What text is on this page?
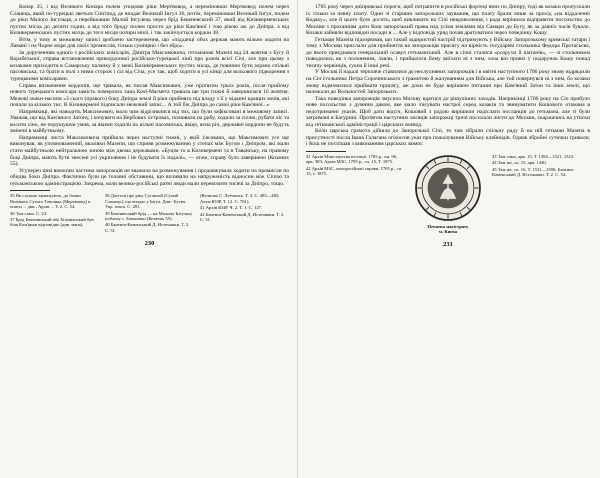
Конар 35, і від Великого Конара полем уподовж ріки Мертвовод, а переміновши Мертвовод полем через Сланець, який по-турецькі зветься Сінгіпод, де впадає Великий Інгул 36, потім, переміновши Великий Інгул, полем до ріки Малого Інгульця, а перейшовши Малий Інгулець через брід Бекеневський 37, який від Кизикерменських пустих місць до десяти годин, а від того броду полем просто до ріки Кам'яної і тою рікою аж до Дніпра, а від Кизикерменських пустих місць до того місця чотири милі, і так закінчується кордон 38.

Втім, у тому ж межовому записі зроблено застереження, що «підданці обох держав мають вільно ходити на Ламані і на Чорне море для своїх промислів, тільки суміирно і без збро».

За дорученням одного з російських комісарів, Дмитра Максимовича, гетьманові Мазепі від 24 жовтня з Бугу й Корабельної, справа встановлення прикордонної російсько-турецької лінії про разом всієї Січі, але при цьому з козаками приходити в Самарську паланку й у межі Кизикерменських пустих місць, де повинно бути зорано спільні пасовиська, та брати в полі з ними сторож і сіл від Січа, усе так, щоб ходити в усі кінці для вольового підкорення з турецькими комісарами.

Справа визначення кордонів, що тривала, як писав Максимович, уже протягом трьох років, після прийому нового турецького комісара замість померлого хана Кочі-Магмета тривала ще три тижні й завершилася 16 жовтня. Межові знаки-насипи «З сього (правого) боку Дніпра землі й ріки прийнято під владу з її у віданні кращих кочів, які почали за кількох тис. В Кизикермені підписали межовий запис... А той бік Дніпра до самої ріки Кам'яної...»

Напрямкиці, які наводить Максимович, мало чим відрізнялися від тих, що були зафіксовані в межовому записі. Уважав, що від Кам'яного Затону, і кочувати на Вербових островах, полювали на рибу, ходили за сіллю, рубати ліс та косити сіно, не порушуючи умов, за якими ходили по вільні пасовиська, якщо, ясна річ, державні кордони не будуть змінені в майбутньому.

Напрямкиці листа Максимовича прийшла через наступні тижні, у якій з'ясовано, що Максимович усе ще виконував, як уповноважений, вказівки Мазепи, що сприяв розмежуванню у степах між Бугом і Дніпром, які мали стати майбутньою нейтральною зоною між двома державами. «Буцім то в Кизикермені та в Таванську, на правому боці Дніпра, мають бути знесені усі укріплення і не будувати їх надалі», — отже, справу було завершено (Козачих 55).

Усупереч цим вимогам частина запорожців не зважила на розмежування і продовжувала ходити на промисли по обидва боки Дніпра. Фактично були це головні обставини, що впливали на напруженість відносин між Січчю та гетьманською адміністрацією. Зокрема, коли велико-російські ратні люди мали перевозити тисячі за Дніпро, тощо.

35 Як слушно зауважують, до балки Великого Сухого Ташлика (Мертвовод) в описи ... див.: Архів ... Т. 2. С. 54.

36 Там само. С. 23.

37 Брід Бекенівський або Біленівський був біля Кам'янки відповідно (див. мапа).

38 Дається про ріку Сугаклей (Сухий Сланець), що впадає у Інгул. Див.: Бутич. Укр. землі. С. 281.

39 Бекенівський брід — на Малому Інгульці поблизу с. Бекенівки (Козачих 55).

40 Бантиш-Каменський Д. Источники. Т. 2. С. 51.

(Величко С. Летопись. Т. 3. С. 483—485; Акты ЮЗР. Т. 12. С. 701).

41 Архів ЮЗР. Ч. 2. Т. 1. С. 127.

42 Бантиш-Каменський Д. Источники. Т. 2. С. 51.

230

1705 року через дніпровські пороги, щоб потрапити в російські фортеці вниз по Дніпру, тоді як козаки пропускали їх тільки за певну плату. Один зі старшин запорозьких зауважив, що плату брали лише за прохід «на віддаленні Кодаку», але й цього було досить, щоб викликати на Січі невдоволення, і рада вирішила відправити посольство до Москви з проханням дати Кош запорозький права над усіма землями від Самари до Бугу, як за давніх часів бувало. Козаки зайняли відповідні посади в ... Але у відповідь уряд почав дратуватися через поведінку Кошу.

Гетьман Мазепа підозрював, що такий задиристий настрій підтримують у Війську Запорозькому кримські татари і тому з Москви прислали для прийняття на запорожців присягу на вірність государеві стольника Федора Протасьєва, до якого приєднався генеральний осавул гетьманський. Але в січні сталися «розрухи й шатанія», — зі стольником поводились як з полоненим, лаяли, і прийшлося йому виїхати ні з чим, хоча він привіз у подарунок Кошу понад тисячу червінців, сукна й інші речі.

У Москві й надалі терпляче ставилися до неслухняних запорожців і в квітні наступного 1706 року знову відрядили на Січ стольника Петра Сорочинського з грамотою й жалуванням для Війська, але той повернувся ні з чим, бо козаки знову відмовилися приймати присягу, аж доки не буде вирішене питання про Кам'яний Затон та інші землі, що належали до Вольностей Запорозьких.

Така поведінка запорожців змусила Москву вдатися до рішучіших заходів. Наприкінці 1706 року на Січ прибуло нове посольство з думним дяком, яке мало з'ясувати настрої серед козаків та звинуватити Кошового отамана в недотриманні указів. Щоб дати відсіч, Кошовий з радою вирішили надіслати посланців до гетьмана, але ті були затримані в Батурині. Протягом наступних місяців запорожці тричі посилали листи до Москви, скаржачись на утиски від гетьманської адміністрації і царських воєвод.

Коли царська грамота дійшла до Запорозької Січі, то там зібрали спільну раду й на ній гетьман Мазепа в присутності посла Івана Галагана оголосив указ про пожалування Війську клейнодів. Однак збройні сутички тривали, і Кош не поспішав з виконанням царських вимог.

41 Архів Міністерства юстиції. 1705 р., кн. 96, арк. 303; Архів МЗС, 1705 р., сп. 15, Т. 1875.

42 Архів МЗС, малоросійські справи, 1705 р., сп. 15, т. 1875.

Печатка магістрату
м. Києва

43 Там само, арк. 15, Т. 1492—1521, 1523.

44 Там же, сп. 15, арк. 1440.

45 Там же, сп. 16, Т. 1531—1590; Бантиш-Каменський Д. Источники. Т. 2. С. 54.

231
